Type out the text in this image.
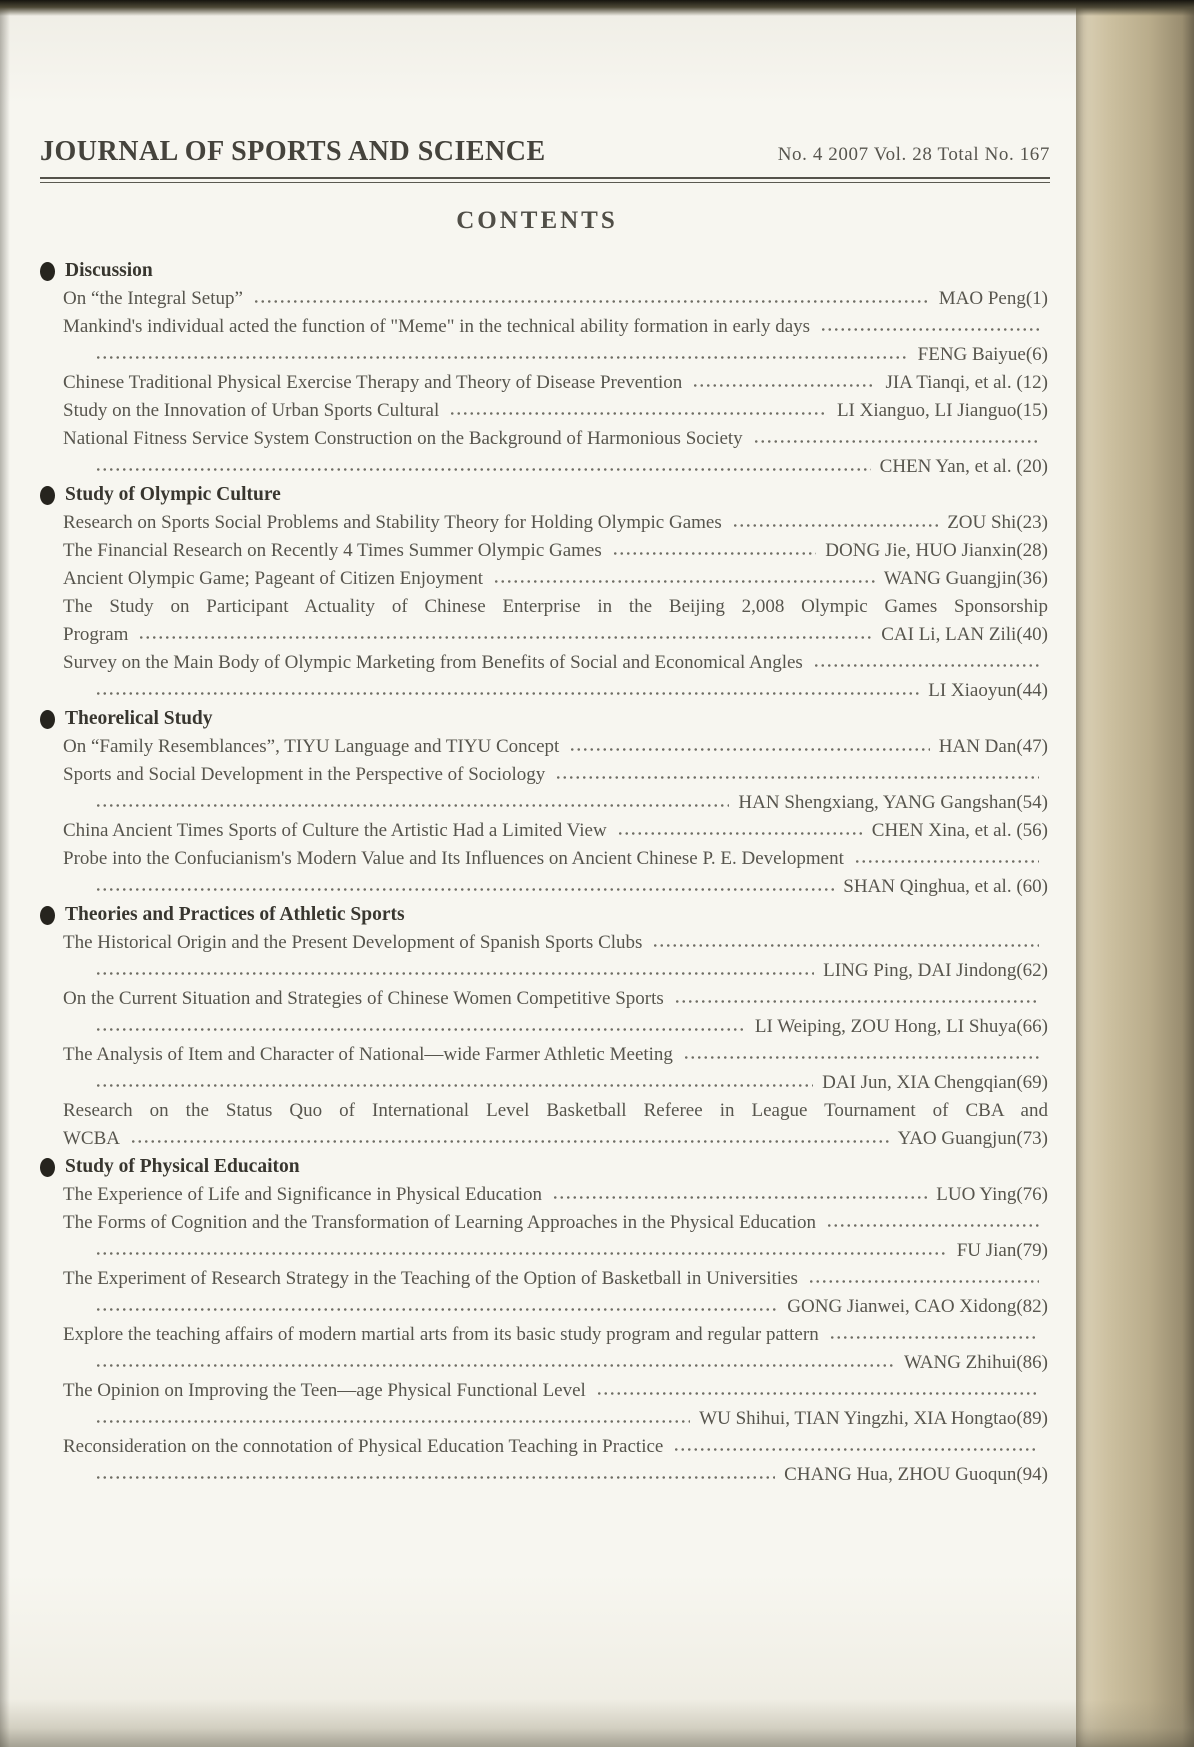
JOURNAL OF SPORTS AND SCIENCE	No. 4 2007 Vol. 28 Total No. 167
CONTENTS
Discussion
On “the Integral Setup”	MAO Peng(1)
Mankind's individual acted the function of "Meme" in the technical ability formation in early days
FENG Baiyue(6)
Chinese Traditional Physical Exercise Therapy and Theory of Disease Prevention	JIA Tianqi, et al. (12)
Study on the Innovation of Urban Sports Cultural	LI Xianguo, LI Jianguo(15)
National Fitness Service System Construction on the Background of Harmonious Society
CHEN Yan, et al. (20)
Study of Olympic Culture
Research on Sports Social Problems and Stability Theory for Holding Olympic Games	ZOU Shi(23)
The Financial Research on Recently 4 Times Summer Olympic Games	DONG Jie, HUO Jianxin(28)
Ancient Olympic Game; Pageant of Citizen Enjoyment	WANG Guangjin(36)
The Study on Participant Actuality of Chinese Enterprise in the Beijing 2,008 Olympic Games Sponsorship
Program	CAI Li, LAN Zili(40)
Survey on the Main Body of Olympic Marketing from Benefits of Social and Economical Angles
LI Xiaoyun(44)
Theorelical Study
On “Family Resemblances”, TIYU Language and TIYU Concept	HAN Dan(47)
Sports and Social Development in the Perspective of Sociology
HAN Shengxiang, YANG Gangshan(54)
China Ancient Times Sports of Culture the Artistic Had a Limited View	CHEN Xina, et al. (56)
Probe into the Confucianism's Modern Value and Its Influences on Ancient Chinese P. E. Development
SHAN Qinghua, et al. (60)
Theories and Practices of Athletic Sports
The Historical Origin and the Present Development of Spanish Sports Clubs
LING Ping, DAI Jindong(62)
On the Current Situation and Strategies of Chinese Women Competitive Sports
LI Weiping, ZOU Hong, LI Shuya(66)
The Analysis of Item and Character of National—wide Farmer Athletic Meeting
DAI Jun, XIA Chengqian(69)
Research on the Status Quo of International Level Basketball Referee in League Tournament of CBA and
WCBA	YAO Guangjun(73)
Study of Physical Educaiton
The Experience of Life and Significance in Physical Education	LUO Ying(76)
The Forms of Cognition and the Transformation of Learning Approaches in the Physical Education
FU Jian(79)
The Experiment of Research Strategy in the Teaching of the Option of Basketball in Universities
GONG Jianwei, CAO Xidong(82)
Explore the teaching affairs of modern martial arts from its basic study program and regular pattern
WANG Zhihui(86)
The Opinion on Improving the Teen—age Physical Functional Level
WU Shihui, TIAN Yingzhi, XIA Hongtao(89)
Reconsideration on the connotation of Physical Education Teaching in Practice
CHANG Hua, ZHOU Guoqun(94)
